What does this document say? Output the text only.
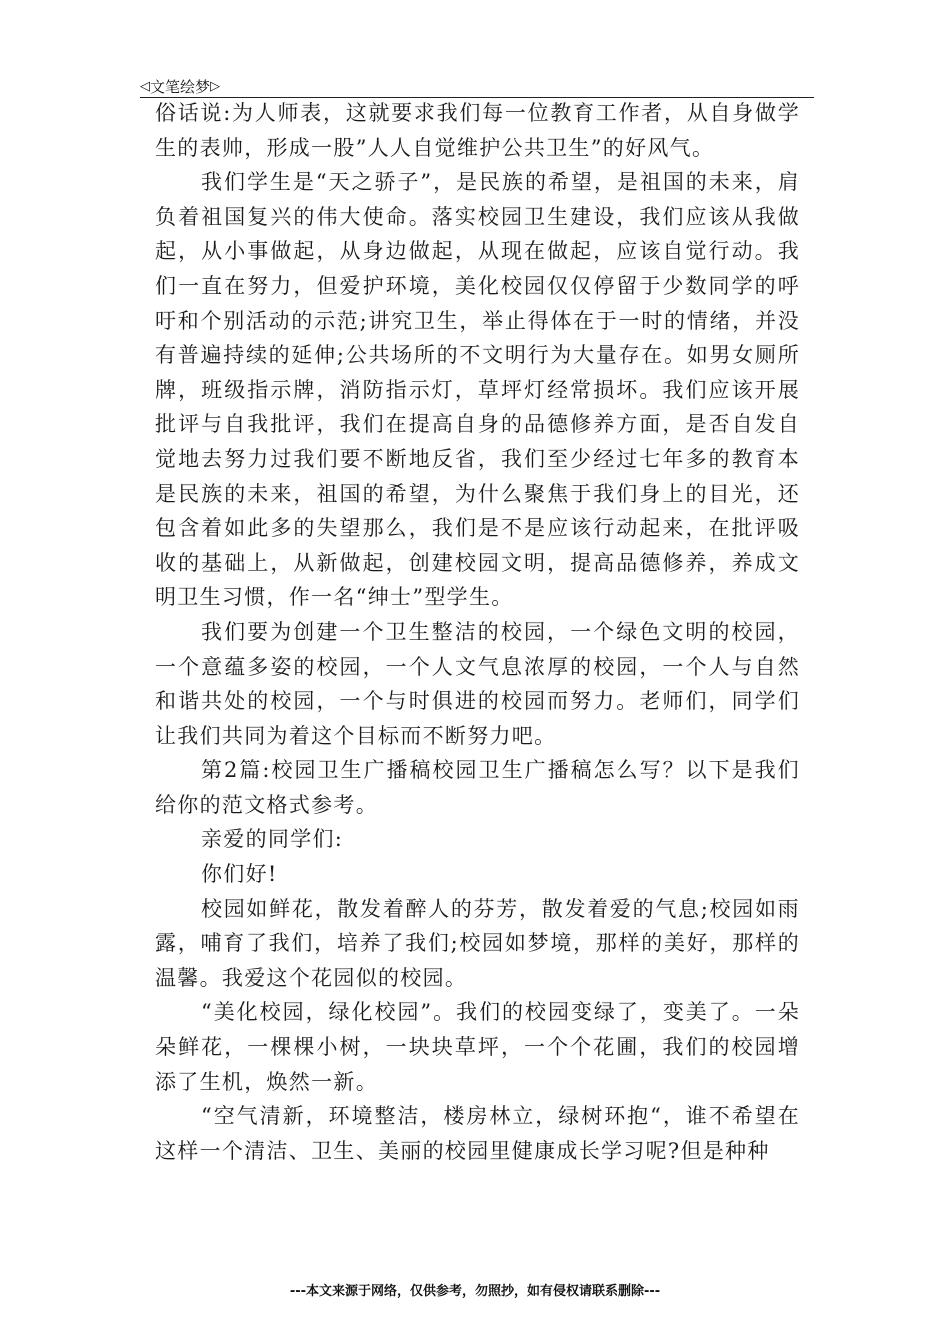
◁ 文笔绘梦 ▷

俗话说:为人师表，这就要求我们每一位教育工作者，从自身做学生的表帅，形成一股”人人自觉维护公共卫生”的好风气。

我们学生是“天之骄子”，是民族的希望，是祖国的未来，肩负着祖国复兴的伟大使命。落实校园卫生建设，我们应该从我做起，从小事做起，从身边做起，从现在做起，应该自觉行动。我们一直在努力，但爱护环境，美化校园仅仅停留于少数同学的呼吁和个别活动的示范;讲究卫生，举止得体在于一时的情绪，并没有普遍持续的延伸;公共场所的不文明行为大量存在。如男女厕所牌，班级指示牌，消防指示灯，草坪灯经常损坏。我们应该开展批评与自我批评，我们在提高自身的品德修养方面，是否自发自觉地去努力过我们要不断地反省，我们至少经过七年多的教育本是民族的未来，祖国的希望，为什么聚焦于我们身上的目光，还包含着如此多的失望那么，我们是不是应该行动起来，在批评吸收的基础上，从新做起，创建校园文明，提高品德修养，养成文明卫生习惯，作一名“绅士”型学生。

我们要为创建一个卫生整洁的校园，一个绿色文明的校园，一个意蕴多姿的校园，一个人文气息浓厚的校园，一个人与自然和谐共处的校园，一个与时俱进的校园而努力。老师们，同学们让我们共同为着这个目标而不断努力吧。

第2篇:校园卫生广播稿校园卫生广播稿怎么写？以下是我们给你的范文格式参考。

亲爱的同学们:

你们好!

校园如鲜花，散发着醉人的芬芳，散发着爱的气息;校园如雨露，哺育了我们，培养了我们;校园如梦境，那样的美好，那样的温馨。我爱这个花园似的校园。

“美化校园，绿化校园”。我们的校园变绿了，变美了。一朵朵鲜花，一棵棵小树，一块块草坪，一个个花圃，我们的校园增添了生机，焕然一新。

“空气清新，环境整洁，楼房林立，绿树环抱“，谁不希望在这样一个清洁、卫生、美丽的校园里健康成长学习呢?但是种种

---本文来源于网络，仅供参考，勿照抄，如有侵权请联系删除---
